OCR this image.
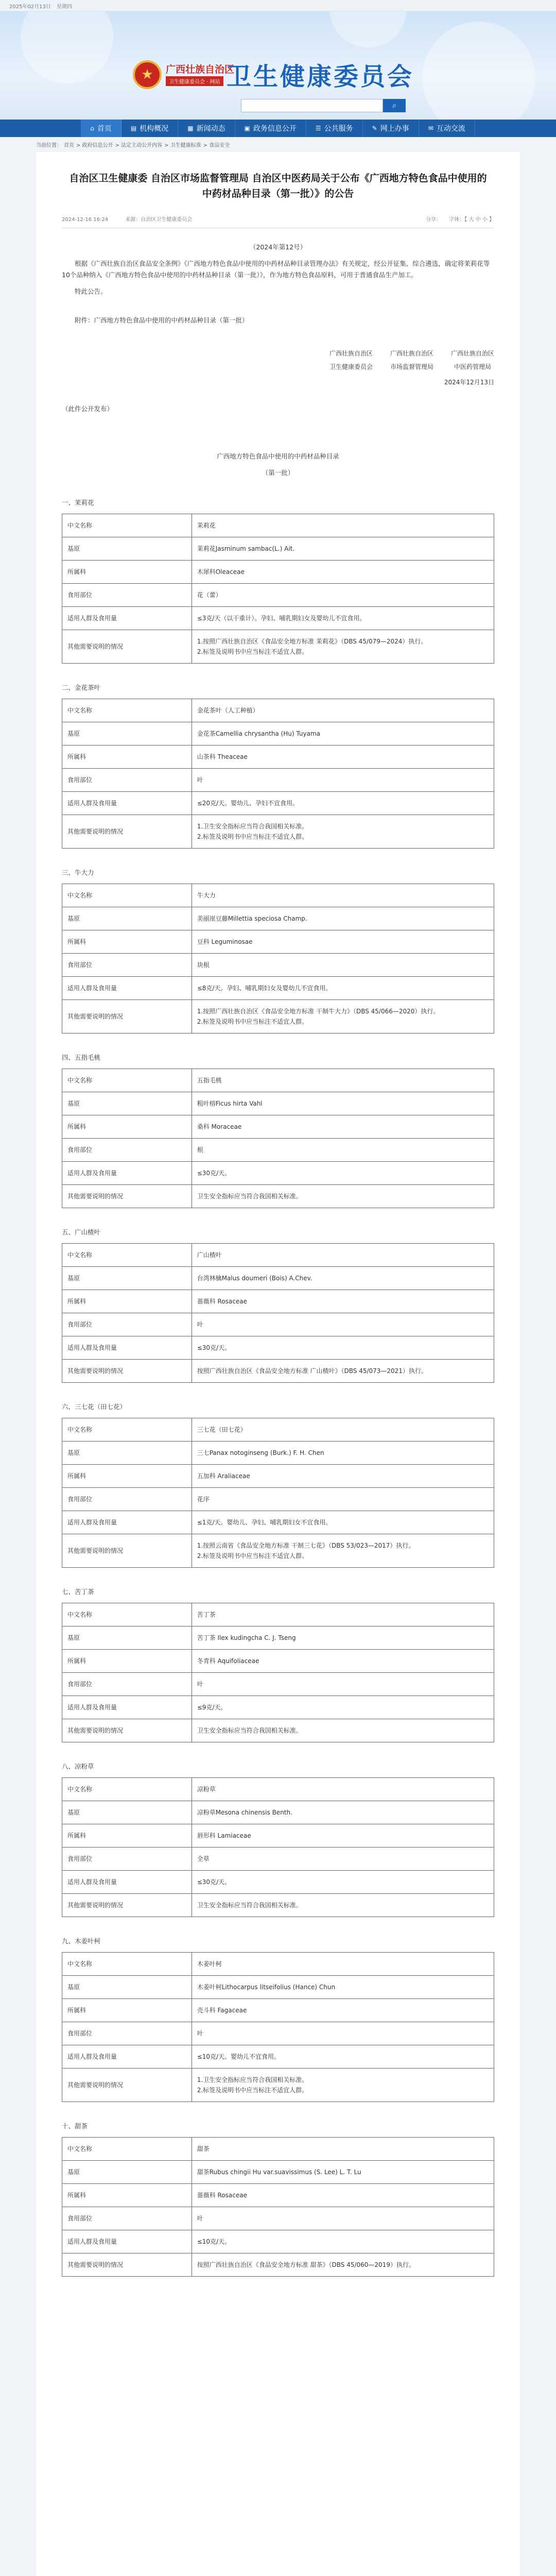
2025年02月13日 星期四
★	广西壮族自治区
卫生健康委员会 · 网站 卫生健康委员会
⌕
⌂ 首页	▤ 机构概况	▦ 新闻动态	▣ 政务信息公开	☰ 公共服务	✎ 网上办事	✉ 互动交流
当前位置： 首页 > 政府信息公开 > 法定主动公开内容 > 卫生健康标准 > 食品安全
自治区卫生健康委 自治区市场监督管理局 自治区中医药局关于公布《广西地方特色食品中使用的中药材品种目录（第一批）》的公告
2024-12-16 16:24	来源：自治区卫生健康委员会	分享： 字体：【 大 中 小 】

（2024年第12号）

根据《广西壮族自治区食品安全条例》《广西地方特色食品中使用的中药材品种目录管理办法》有关规定，经公开征集、综合遴选，确定将茉莉花等10个品种纳入《广西地方特色食品中使用的中药材品种目录（第一批）》，作为地方特色食品原料，可用于普通食品生产加工。

特此公告。

附件：广西地方特色食品中使用的中药材品种目录（第一批）

广西壮族自治区
卫生健康委员会
广西壮族自治区
市场监督管理局
广西壮族自治区
中医药管理局
2024年12月13日

（此件公开发布）

广西地方特色食品中使用的中药材品种目录

（第一批）

一、茉莉花

中文名称	茉莉花
基原	茉莉花Jasminum sambac(L.) Ait.
所属科	木犀科Oleaceae
食用部位	花（蕾）
适用人群及食用量	≤3克/天（以干重计）。孕妇、哺乳期妇女及婴幼儿不宜食用。
其他需要说明的情况	1.按照广西壮族自治区《食品安全地方标准 茉莉花》（DBS 45/079—2024）执行。
2.标签及说明书中应当标注不适宜人群。

二、金花茶叶

中文名称	金花茶叶（人工种植）
基原	金花茶Camellia chrysantha (Hu) Tuyama
所属科	山茶科 Theaceae
食用部位	叶
适用人群及食用量	≤20克/天。婴幼儿、孕妇不宜食用。
其他需要说明的情况	1.卫生安全指标应当符合我国相关标准。
2.标签及说明书中应当标注不适宜人群。

三、牛大力

中文名称	牛大力
基原	美丽崖豆藤Millettia speciosa Champ.
所属科	豆科 Leguminosae
食用部位	块根
适用人群及食用量	≤8克/天。孕妇、哺乳期妇女及婴幼儿不宜食用。
其他需要说明的情况	1.按照广西壮族自治区《食品安全地方标准 干制牛大力》（DBS 45/066—2020）执行。
2.标签及说明书中应当标注不适宜人群。

四、五指毛桃

中文名称	五指毛桃
基原	粗叶榕Ficus hirta Vahl
所属科	桑科 Moraceae
食用部位	根
适用人群及食用量	≤30克/天。
其他需要说明的情况	卫生安全指标应当符合我国相关标准。

五、广山楂叶

中文名称	广山楂叶
基原	台湾林檎Malus doumeri (Bois) A.Chev.
所属科	蔷薇科 Rosaceae
食用部位	叶
适用人群及食用量	≤30克/天。
其他需要说明的情况	按照广西壮族自治区《食品安全地方标准 广山楂叶》（DBS 45/073—2021）执行。

六、三七花（田七花）

中文名称	三七花（田七花）
基原	三七Panax notoginseng (Burk.) F. H. Chen
所属科	五加科 Araliaceae
食用部位	花序
适用人群及食用量	≤1克/天。婴幼儿、孕妇、哺乳期妇女不宜食用。
其他需要说明的情况	1.按照云南省《食品安全地方标准 干制三七花》（DBS 53/023—2017）执行。
2.标签及说明书中应当标注不适宜人群。

七、苦丁茶

中文名称	苦丁茶
基原	苦丁茶 Ilex kudingcha C. J. Tseng
所属科	冬青科 Aquifoliaceae
食用部位	叶
适用人群及食用量	≤9克/天。
其他需要说明的情况	卫生安全指标应当符合我国相关标准。

八、凉粉草

中文名称	凉粉草
基原	凉粉草Mesona chinensis Benth.
所属科	唇形科 Lamiaceae
食用部位	全草
适用人群及食用量	≤30克/天。
其他需要说明的情况	卫生安全指标应当符合我国相关标准。

九、木姜叶柯

中文名称	木姜叶柯
基原	木姜叶柯Lithocarpus litseifolius (Hance) Chun
所属科	壳斗科 Fagaceae
食用部位	叶
适用人群及食用量	≤10克/天。婴幼儿不宜食用。
其他需要说明的情况	1.卫生安全指标应当符合我国相关标准。
2.标签及说明书中应当标注不适宜人群。

十、甜茶

中文名称	甜茶
基原	甜茶Rubus chingii Hu var.suavissimus (S. Lee) L. T. Lu
所属科	蔷薇科 Rosaceae
食用部位	叶
适用人群及食用量	≤10克/天。
其他需要说明的情况	按照广西壮族自治区《食品安全地方标准 甜茶》（DBS 45/060—2019）执行。
